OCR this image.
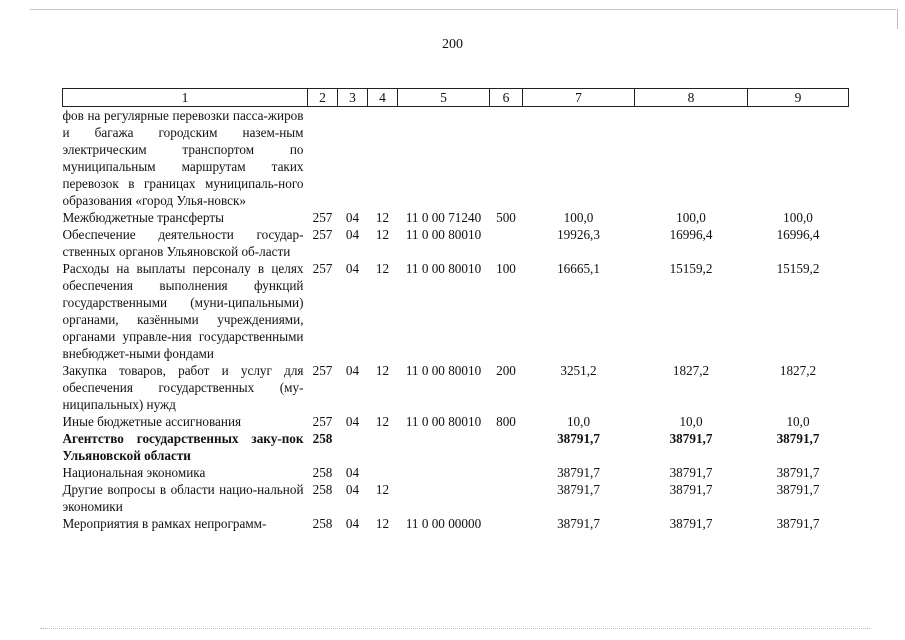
200
1	2	3	4	5	6	7	8	9
фов на регулярные перевозки пасса-жиров и багажа городским назем-ным электрическим транспортом по муниципальным маршрутам таких перевозок в границах муниципаль-ного образования «город Улья-новск»								
Межбюджетные трансферты	257	04	12	11 0 00 71240	500	100,0	100,0	100,0
Обеспечение деятельности государ-ственных органов Ульяновской об-ласти	257	04	12	11 0 00 80010		19926,3	16996,4	16996,4
Расходы на выплаты персоналу в целях обеспечения выполнения функций государственными (муни-ципальными) органами, казёнными учреждениями, органами управле-ния государственными внебюджет-ными фондами	257	04	12	11 0 00 80010	100	16665,1	15159,2	15159,2
Закупка товаров, работ и услуг для обеспечения государственных (му-ниципальных) нужд	257	04	12	11 0 00 80010	200	3251,2	1827,2	1827,2
Иные бюджетные ассигнования	257	04	12	11 0 00 80010	800	10,0	10,0	10,0
Агентство государственных заку-пок Ульяновской области	258					38791,7	38791,7	38791,7
Национальная экономика	258	04				38791,7	38791,7	38791,7
Другие вопросы в области нацио-нальной экономики	258	04	12			38791,7	38791,7	38791,7
Мероприятия в рамках непрограмм-	258	04	12	11 0 00 00000		38791,7	38791,7	38791,7
